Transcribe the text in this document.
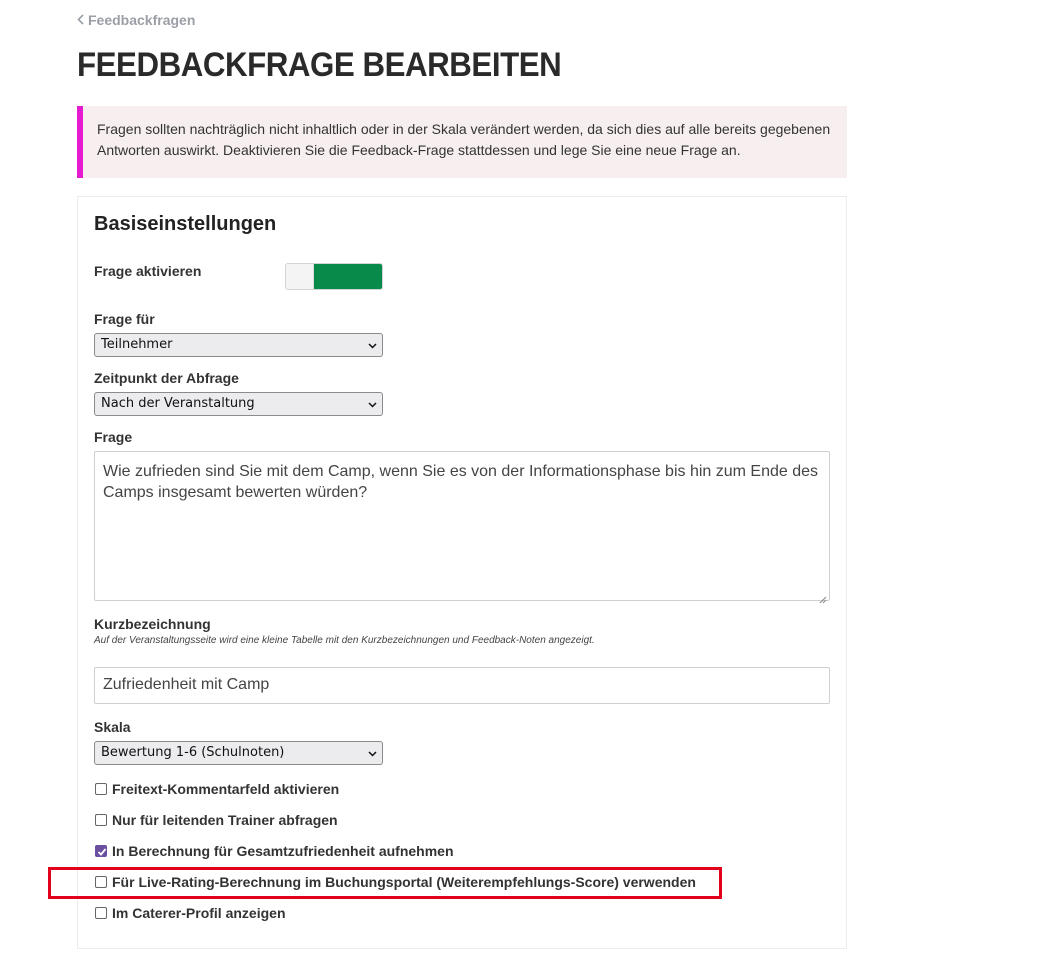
Feedbackfragen
FEEDBACKFRAGE BEARBEITEN
Fragen sollten nachträglich nicht inhaltlich oder in der Skala verändert werden, da sich dies auf alle bereits gegebenen Antworten auswirkt. Deaktivieren Sie die Feedback-Frage stattdessen und lege Sie eine neue Frage an.
Basiseinstellungen
Frage aktivieren
Frage für
Teilnehmer
Zeitpunkt der Abfrage
Nach der Veranstaltung
Frage
Wie zufrieden sind Sie mit dem Camp, wenn Sie es von der Informationsphase bis hin zum Ende des Camps insgesamt bewerten würden?
Kurzbezeichnung
Auf der Veranstaltungsseite wird eine kleine Tabelle mit den Kurzbezeichnungen und Feedback-Noten angezeigt.
Zufriedenheit mit Camp
Skala
Bewertung 1-6 (Schulnoten)
Freitext-Kommentarfeld aktivieren
Nur für leitenden Trainer abfragen
In Berechnung für Gesamtzufriedenheit aufnehmen
Für Live-Rating-Berechnung im Buchungsportal (Weiterempfehlungs-Score) verwenden
Im Caterer-Profil anzeigen
